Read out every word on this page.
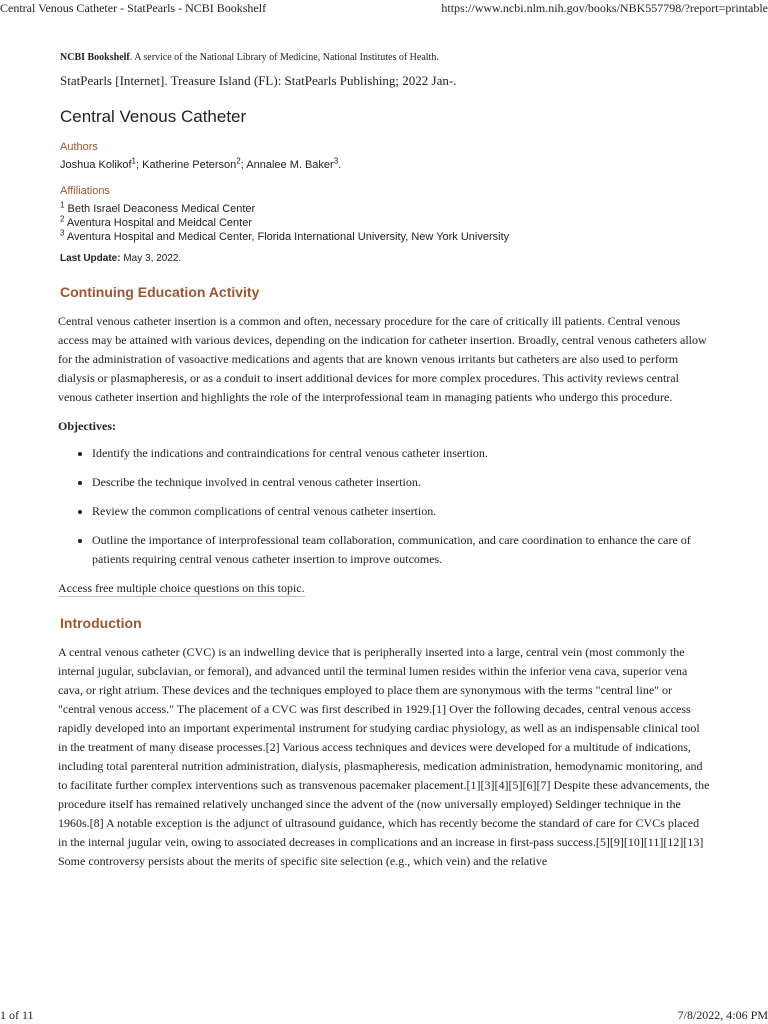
Central Venous Catheter - StatPearls - NCBI Bookshelf	https://www.ncbi.nlm.nih.gov/books/NBK557798/?report=printable
NCBI Bookshelf. A service of the National Library of Medicine, National Institutes of Health.
StatPearls [Internet]. Treasure Island (FL): StatPearls Publishing; 2022 Jan-.
Central Venous Catheter
Authors
Joshua Kolikof$^1$; Katherine Peterson$^2$; Annalee M. Baker$^3$.
Affiliations
$^1$ Beth Israel Deaconess Medical Center
$^2$ Aventura Hospital and Meidcal Center
$^3$ Aventura Hospital and Medical Center, Florida International University, New York University
Last Update: May 3, 2022.
Continuing Education Activity

Central venous catheter insertion is a common and often, necessary procedure for the care of critically ill patients. Central venous access may be attained with various devices, depending on the indication for catheter insertion. Broadly, central venous catheters allow for the administration of vasoactive medications and agents that are known venous irritants but catheters are also used to perform dialysis or plasmapheresis, or as a conduit to insert additional devices for more complex procedures. This activity reviews central venous catheter insertion and highlights the role of the interprofessional team in managing patients who undergo this procedure.

Objectives:
• Identify the indications and contraindications for central venous catheter insertion.
• Describe the technique involved in central venous catheter insertion.
• Review the common complications of central venous catheter insertion.
• Outline the importance of interprofessional team collaboration, communication, and care coordination to enhance the care of patients requiring central venous catheter insertion to improve outcomes.
Access free multiple choice questions on this topic.
Introduction

A central venous catheter (CVC) is an indwelling device that is peripherally inserted into a large, central vein (most commonly the internal jugular, subclavian, or femoral), and advanced until the terminal lumen resides within the inferior vena cava, superior vena cava, or right atrium. These devices and the techniques employed to place them are synonymous with the terms "central line" or "central venous access." The placement of a CVC was first described in 1929.[1] Over the following decades, central venous access rapidly developed into an important experimental instrument for studying cardiac physiology, as well as an indispensable clinical tool in the treatment of many disease processes.[2] Various access techniques and devices were developed for a multitude of indications, including total parenteral nutrition administration, dialysis, plasmapheresis, medication administration, hemodynamic monitoring, and to facilitate further complex interventions such as transvenous pacemaker placement.[1][3][4][5][6][7] Despite these advancements, the procedure itself has remained relatively unchanged since the advent of the (now universally employed) Seldinger technique in the 1960s.[8] A notable exception is the adjunct of ultrasound guidance, which has recently become the standard of care for CVCs placed in the internal jugular vein, owing to associated decreases in complications and an increase in first-pass success.[5][9][10][11][12][13] Some controversy persists about the merits of specific site selection (e.g., which vein) and the relative

1 of 11	7/8/2022, 4:06 PM
